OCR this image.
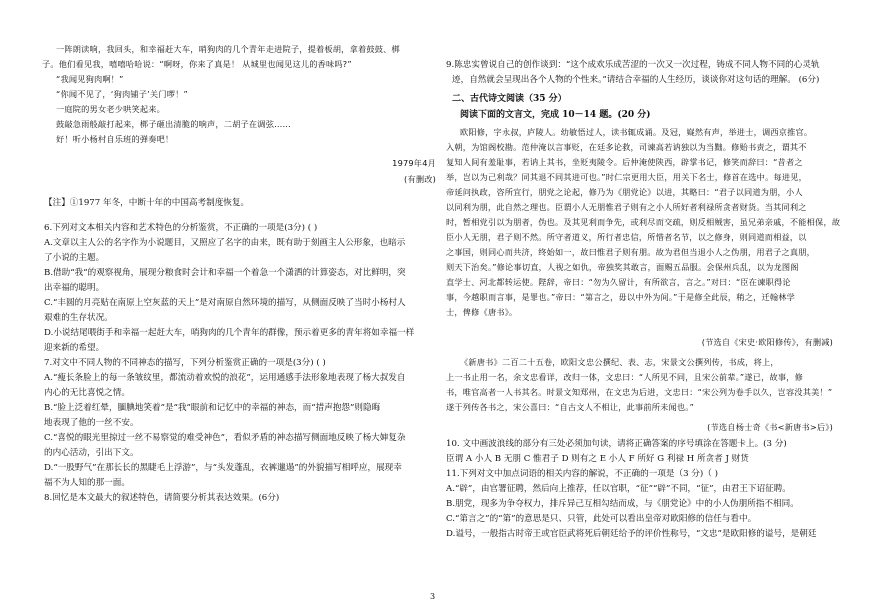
一阵朗读响，我回头，和幸福赶大车，哨狗肉的几个青年走进院子，提着板胡，拿着鼓鼓、梆
子。他们看见我，嘻嘻哈哈说：“啊呀，你来了真是！ 从城里也闻见这儿的香味吗?”
“我闻见狗肉啊！”
“你闻不见了，‘狗肉铺子’关门啰！”
一庭院的男女老少哄笑起来。
鼓敲急雨般敲打起来，梆子砸出清脆的响声，二胡子在调弦……
好！听小杨村自乐班的弹奏吧！
1979年4月
(有删改)
【注】①1977 年冬，中断十年的中国高考制度恢复。
6.下列对文本相关内容和艺术特色的分析鉴赏，不正确的一项是(3分) ( )
A.文章以主人公的名字作为小说题目，又照应了名字的由来，既有助于刻画主人公形象，也暗示
了小说的主题。
B.借助“我”的观察视角，展现分粮食时会计和幸福一个着急一个潇洒的计算姿态，对比鲜明，突
出幸福的聪明。
C.“丰圆的月亮贴在南原上空灰蓝的天上”是对南原自然环境的描写，从侧面反映了当时小杨村人
艰难的生存状况。
D.小说结尾喂街手和幸福一起赶大车，哨狗肉的几个青年的群像，预示着更多的青年将如幸福一样
迎来新的希望。
7.对文中不同人物的不同神态的描写，下列分析鉴赏正确的一项是(3分) ( )
A.“瘦长条脸上的每一条皱纹里，都流动着欢悦的浪花”，运用通感手法形象地表现了杨大叔发自
内心的无比喜悦之情。
B.“脸上泛着红晕，腼腆地笑着”是“我”眼前和记忆中的幸福的神态，而“措声抱怨”则隐晦
地表现了他的一丝不安。
C.“喜悦的眼光里掠过一丝不易察觉的难受神色”，看似矛盾的神态描写侧面地反映了杨大婶复杂
的内心活动，引出下文。
D.“一股野气”在那长长的黑睫毛上浮游”，与“头发蓬乱，衣裤邋遢”的外貌描写相呼应，展现幸
福不为人知的那一面。
8.回忆是本文最大的叙述特色，请简要分析其表达效果。(6分)
9.陈忠实曾说自己的创作谈到：“这个成欢乐成苦涩的一次又一次过程，铸成不同人物不同的心灵轨
迹，自然就会呈现出各个人物的个性来。”请结合幸福的人生经历，谈谈你对这句话的理解。 (6分)
二、古代诗文阅读（35 分）
阅读下面的文言文，完成 10－14 题。(20 分)
欧阳修，字永叔，庐陵人。幼敏悟过人，读书辄成诵。及冠，嶷然有声，举进士，调西京推官。
入朝，为馆阁校勘。范仲淹以言事贬，在廷多论救，司谏高若讷独以为当黜。修贻书责之，谓其不
复知人间有羞耻事，若讷上其书，坐贬夷陵令。后仲淹使陕西，辟掌书记，修笑而辞曰：“昔者之
举，岂以为己利哉？同其退不同其进可也。”时仁宗更用大臣，用关下名士，修首在选中。每进见，
帝延问执政，咨所宜行，朋党之论起，修乃为《朋党论》以进，其略曰：“君子以同道为朋，小人
以同利为朋，此自然之理也。臣谓小人无朋惟君子则有之小人所好者利禄所贪者财货。当其同利之
时，暂相党引以为朋者，伪也。及其见利而争先，或利尽而交疏，则反相贼害，虽兄弟亲戚，不能相保，故
臣小人无朋，君子则不然。所守者道义，所行者忠信，所惜者名节，以之修身，则同道而相益，以
之事国，则同心而共济，终始如一，故曰惟君子则有朋。故为君但当退小人之伪朋，用君子之真朋，
则天下治矣。”修论事切直，人视之如仇，帝独奖其敢言，面赐五品服。会保州兵乱，以为龙图阁
直学士、河北都转运使。陛辞，帝曰：“勿为久留计，有所欲言，言之。”对曰：“臣在谏职得论
事，今越职而言事，是罪也。”帝曰：“第言之，毋以中外为间。”于是修全此辰，稍之，迁翰林学
士，俾修《唐书》。
(节选自《宋史·欧阳修传》，有删减)
《新唐书》二百二十五卷，欧阳文忠公撰纪、表、志，宋景文公撰列传，书成，将上，
上一书止用一名，余文忠看详，改归一体，文忠曰：“人所见不同，且宋公前辈。”遂已，故事，修
书，唯官高者一人书其名。时景文知郑州，在文忠为后进，文忠曰：“宋公列为卷手以久，岂容没其美！”
遂于列传各书之，宋公喜曰：“自古文人不相让，此事前所未闻也。”
(节选自杨士奇《书<新唐书>后》)
10. 文中画波浪线的部分有三处必须加句读，请将正确答案的序号填涂在答题卡上。(3 分)
臣谓 A 小人 B 无朋 C 惟君子 D 则有之 E 小人 F 所好 G 利禄 H 所贪者 J 财货
11.下列对文中加点词语的相关内容的解说，不正确的一项是（3 分)（ )
A.“辟”，由官署征聘，然后向上推荐，任以官职，“征”“辟”不同，“征”，由君王下诏征聘。
B.朋党，现多为争夺权力，排斥异己互相勾结而成，与《朋党论》中的小人伪朋所指不相同。
C.“第言之”的“第”的意思是只、只管，此处可以看出皇帝对欧阳修的信任与看中。
D.谥号，一般指古时帝王或官臣武将死后朝廷给予的评价性称号，“文忠”是欧阳修的谥号，是朝廷
3
